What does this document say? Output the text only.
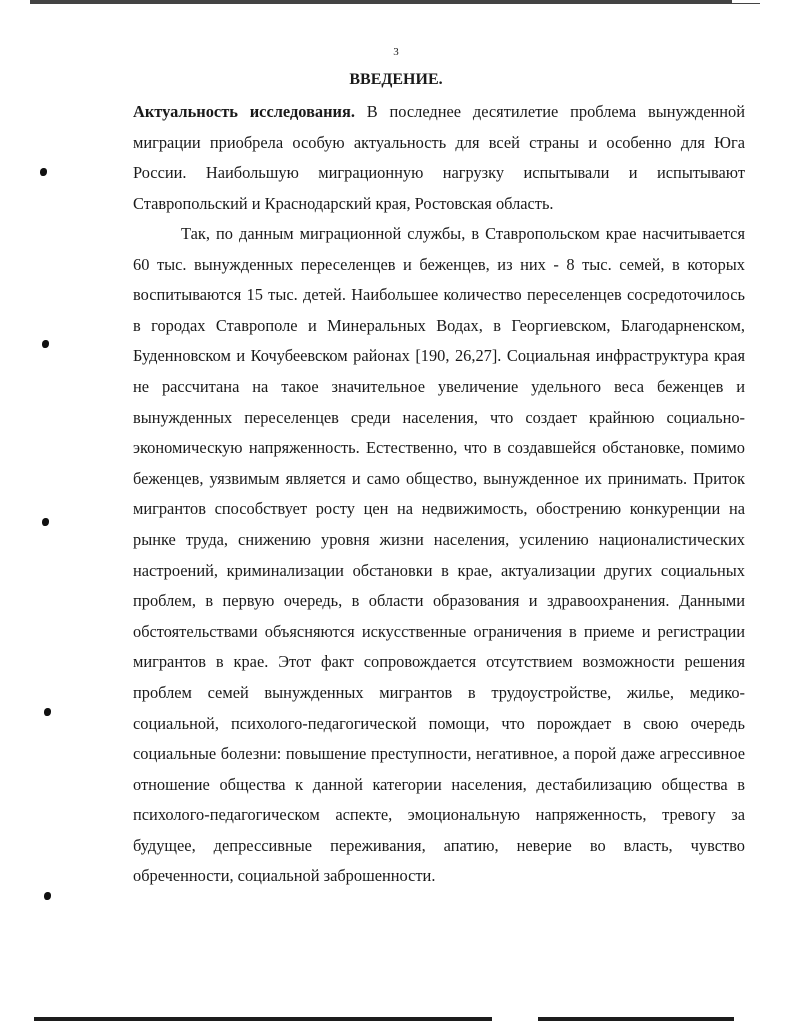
3
ВВЕДЕНИЕ.

Актуальность исследования. В последнее десятилетие проблема вынужденной миграции приобрела особую актуальность для всей страны и особенно для Юга России. Наибольшую миграционную нагрузку испытывали и испытывают Ставропольский и Краснодарский края, Ростовская область.

Так, по данным миграционной службы, в Ставропольском крае насчитывается 60 тыс. вынужденных переселенцев и беженцев, из них - 8 тыс. семей, в которых воспитываются 15 тыс. детей. Наибольшее количество переселенцев сосредоточилось в городах Ставрополе и Минеральных Водах, в Георгиевском, Благодарненском, Буденновском и Кочубеевском районах [190, 26,27]. Социальная инфраструктура края не рассчитана на такое значительное увеличение удельного веса беженцев и вынужденных переселенцев среди населения, что создает крайнюю социально-экономическую напряженность. Естественно, что в создавшейся обстановке, помимо беженцев, уязвимым является и само общество, вынужденное их принимать. Приток мигрантов способствует росту цен на недвижимость, обострению конкуренции на рынке труда, снижению уровня жизни населения, усилению националистических настроений, криминализации обстановки в крае, актуализации других социальных проблем, в первую очередь, в области образования и здравоохранения. Данными обстоятельствами объясняются искусственные ограничения в приеме и регистрации мигрантов в крае. Этот факт сопровождается отсутствием возможности решения проблем семей вынужденных мигрантов в трудоустройстве, жилье, медико-социальной, психолого-педагогической помощи, что порождает в свою очередь социальные болезни: повышение преступности, негативное, а порой даже агрессивное отношение общества к данной категории населения, дестабилизацию общества в психолого-педагогическом аспекте, эмоциональную напряженность, тревогу за будущее, депрессивные переживания, апатию, неверие во власть, чувство обреченности, социальной заброшенности.
